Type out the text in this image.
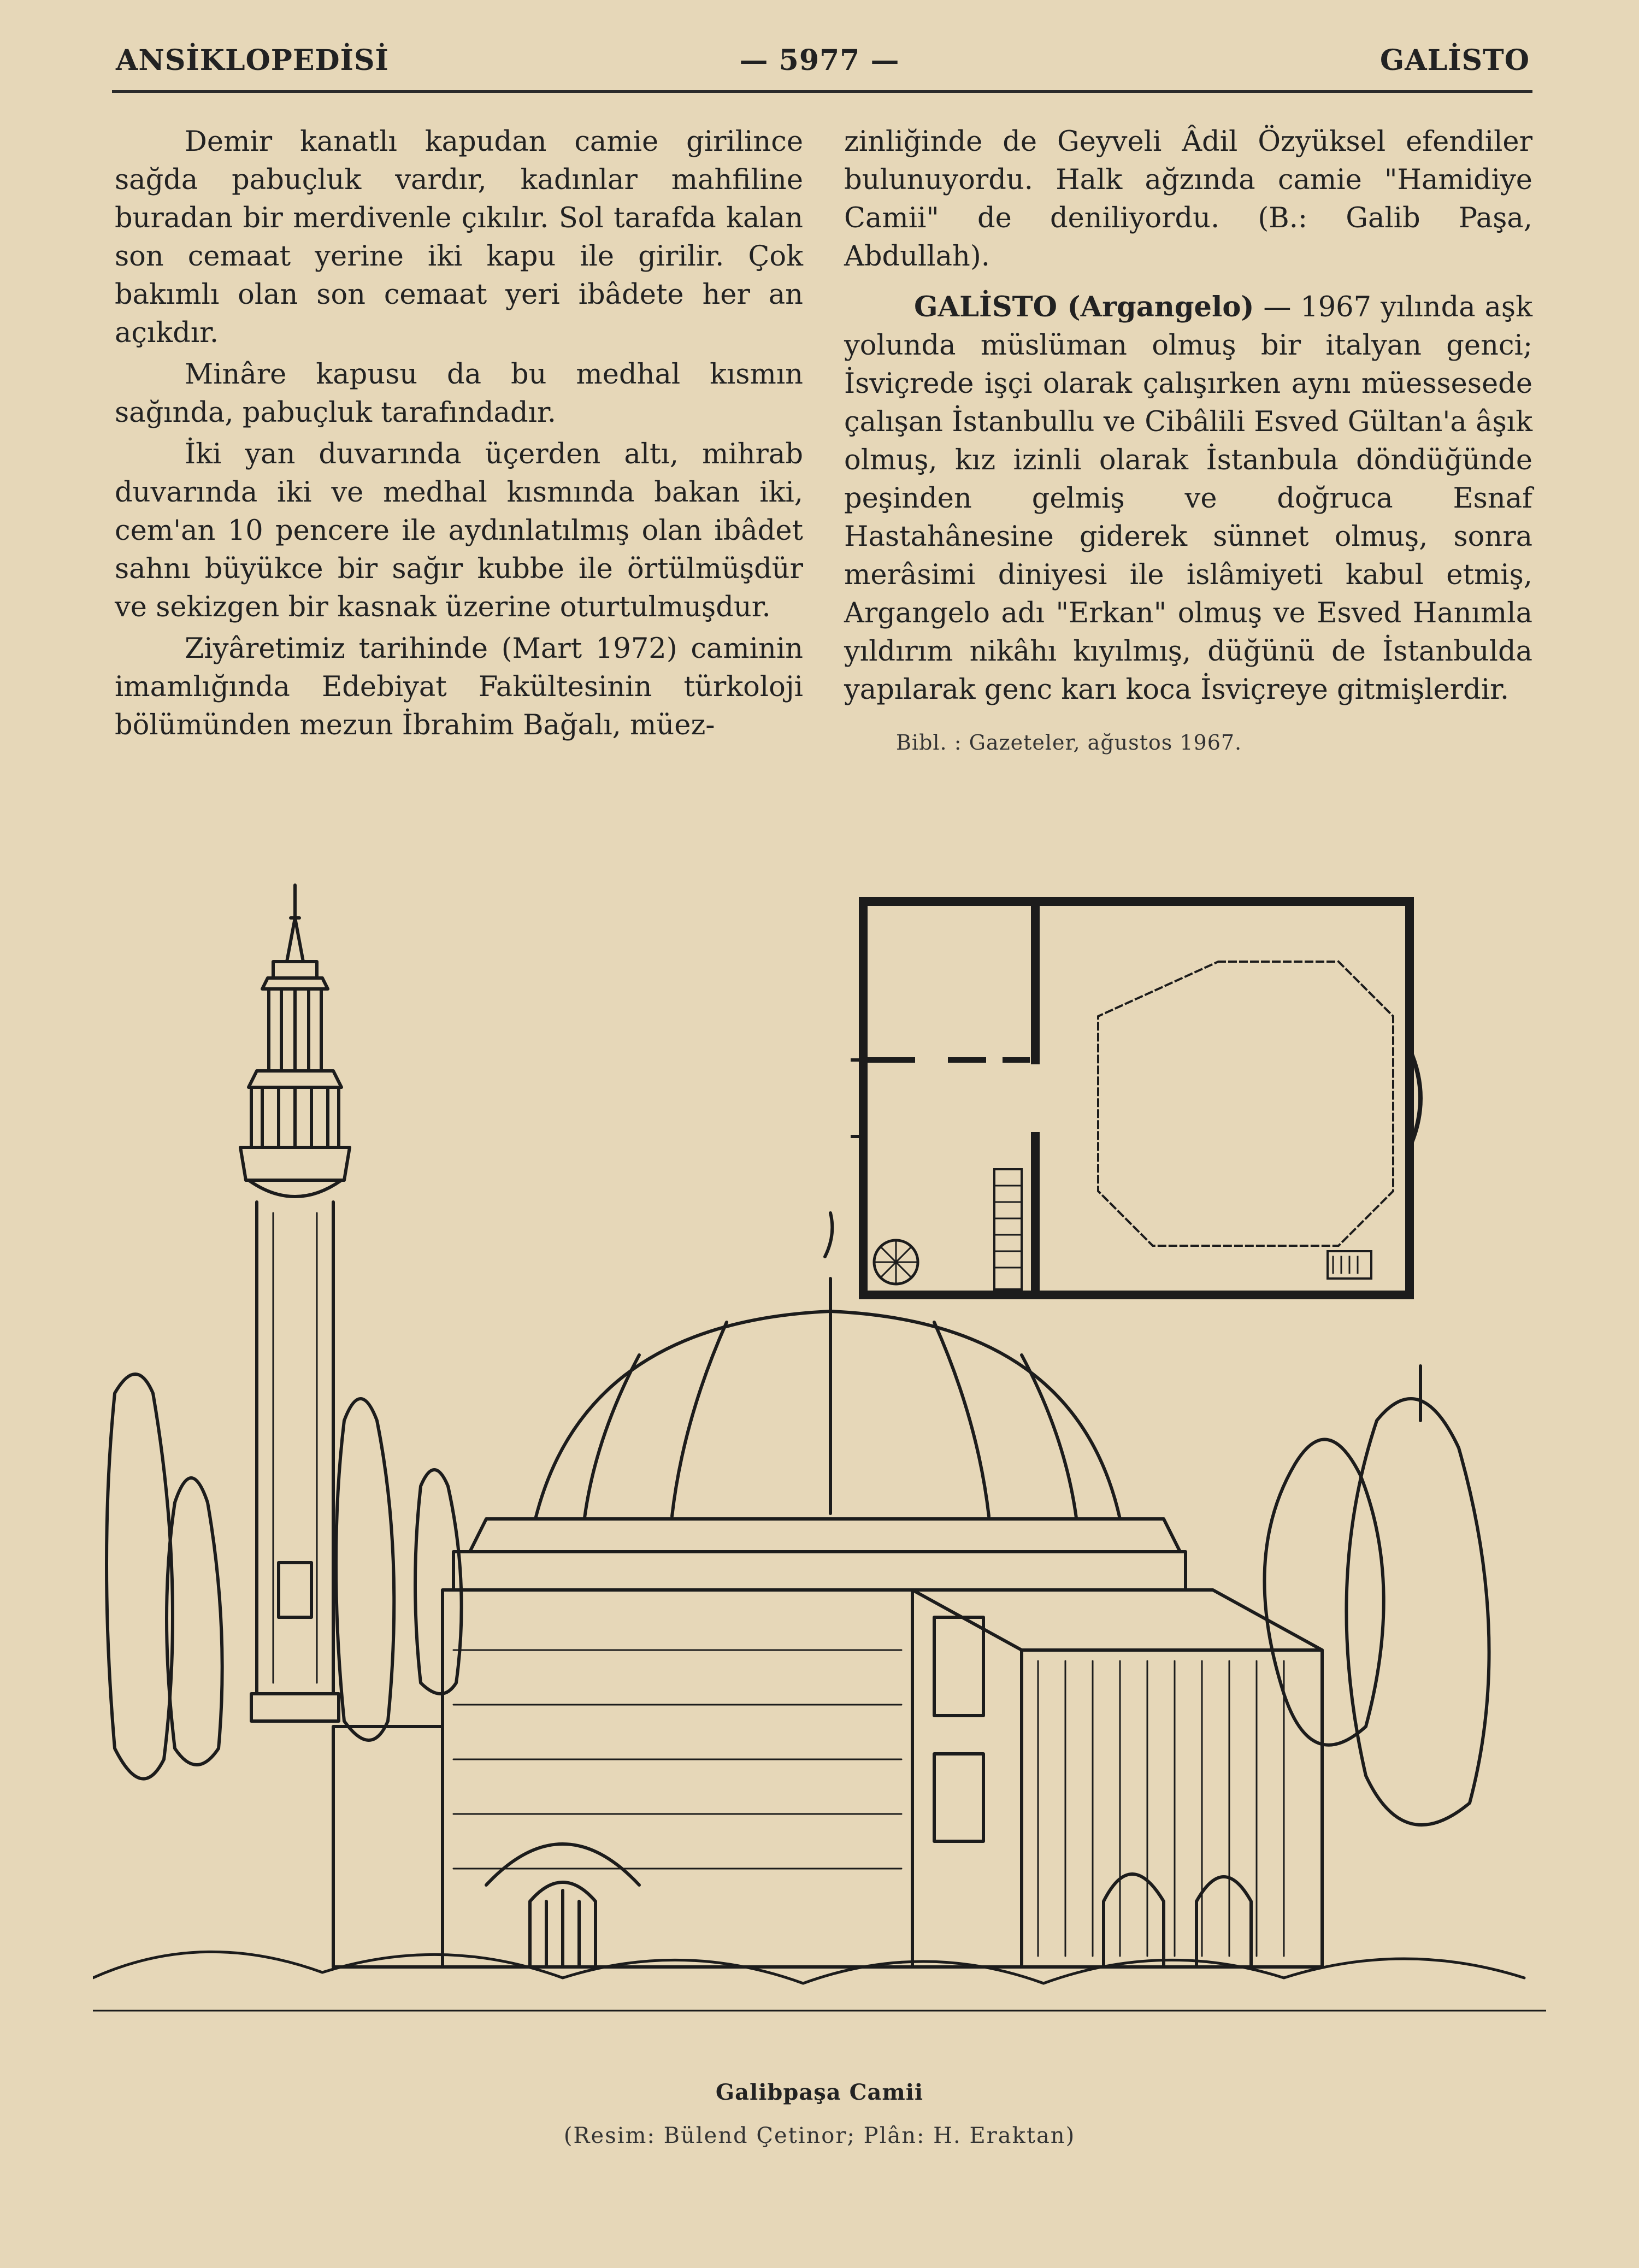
ANSİKLOPEDİSİ	— 5977 —	GALİSTO

Demir kanatlı kapudan camie girilince sağda pabuçluk vardır, kadınlar mahfiline buradan bir merdivenle çıkılır. Sol tarafda kalan son cemaat yerine iki kapu ile girilir. Çok bakımlı olan son cemaat yeri ibâdete her an açıkdır.

Minâre kapusu da bu medhal kısmın sağında, pabuçluk tarafındadır.

İki yan duvarında üçerden altı, mihrab duvarında iki ve medhal kısmında bakan iki, cem'an 10 pencere ile aydınlatılmış olan ibâdet sahnı büyükce bir sağır kubbe ile örtülmüşdür ve sekizgen bir kasnak üzerine oturtulmuşdur.

Ziyâretimiz tarihinde (Mart 1972) caminin imamlığında Edebiyat Fakültesinin türkoloji bölümünden mezun İbrahim Bağalı, müez-

zinliğinde de Geyveli Âdil Özyüksel efendiler bulunuyordu. Halk ağzında camie "Hamidiye Camii" de deniliyordu. (B.: Galib Paşa, Abdullah).

GALİSTO (Argangelo) — 1967 yılında aşk yolunda müslüman olmuş bir italyan genci; İsviçrede işçi olarak çalışırken aynı müessesede çalışan İstanbullu ve Cibâlili Esved Gültan'a âşık olmuş, kız izinli olarak İstanbula döndüğünde peşinden gelmiş ve doğruca Esnaf Hastahânesine giderek sünnet olmuş, sonra merâsimi diniyesi ile islâmiyeti kabul etmiş, Argangelo adı "Erkan" olmuş ve Esved Hanımla yıldırım nikâhı kıyılmış, düğünü de İstanbulda yapılarak genc karı koca İsviçreye gitmişlerdir.

Bibl. : Gazeteler, ağustos 1967.

Galibpaşa Camii
(Resim: Bülend Çetinor; Plân: H. Eraktan)
